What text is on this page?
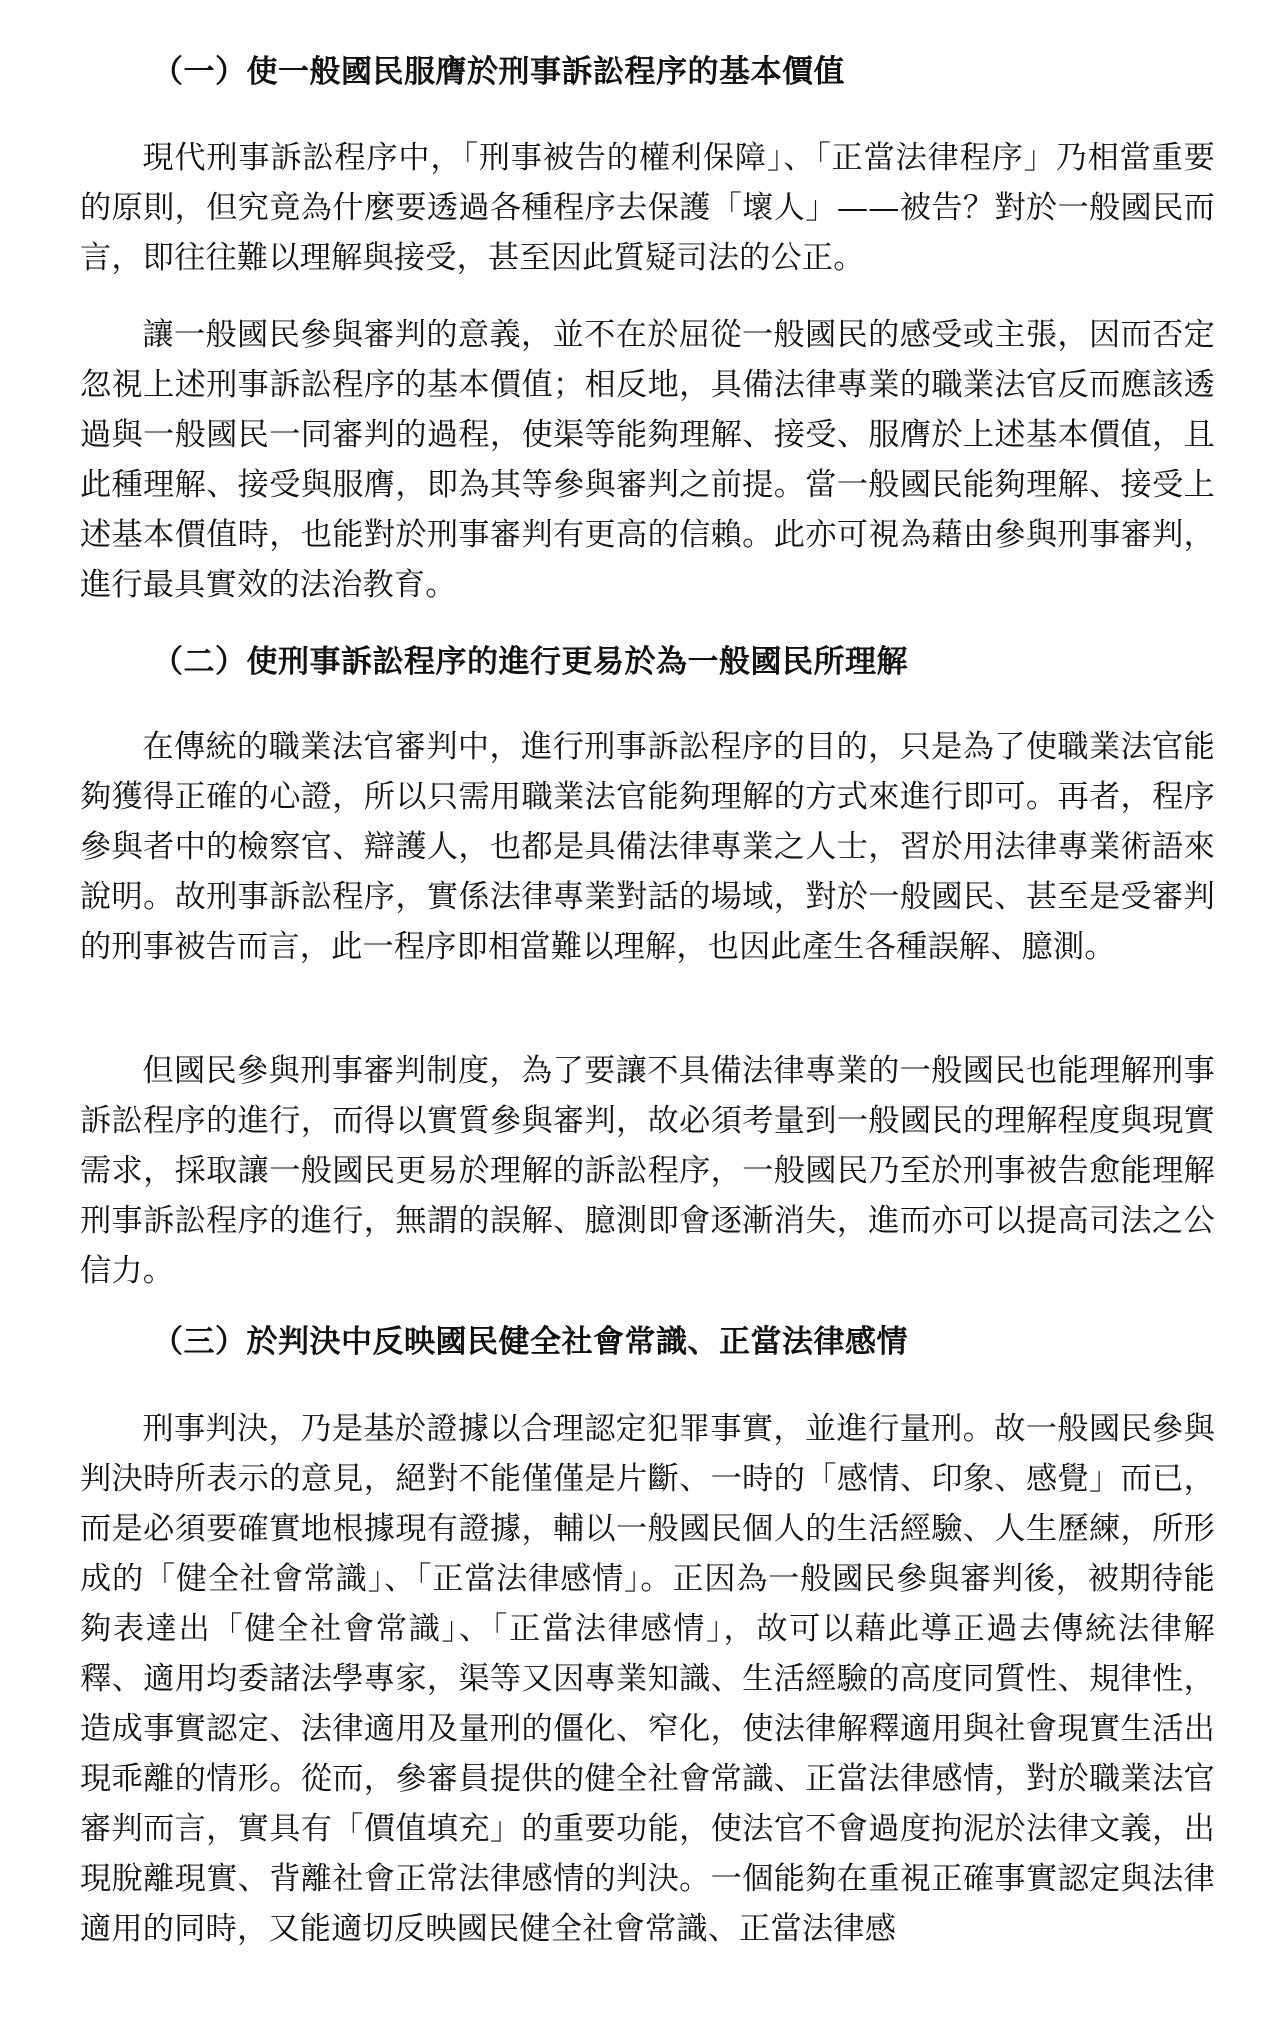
（一）使一般國民服膺於刑事訴訟程序的基本價值

現代刑事訴訟程序中，「刑事被告的權利保障」、「正當法律程序」乃相當重要的原則，但究竟為什麼要透過各種程序去保護「壞人」——被告？對於一般國民而言，即往往難以理解與接受，甚至因此質疑司法的公正。

讓一般國民參與審判的意義，並不在於屈從一般國民的感受或主張，因而否定忽視上述刑事訴訟程序的基本價值；相反地，具備法律專業的職業法官反而應該透過與一般國民一同審判的過程，使渠等能夠理解、接受、服膺於上述基本價值，且此種理解、接受與服膺，即為其等參與審判之前提。當一般國民能夠理解、接受上述基本價值時，也能對於刑事審判有更高的信賴。此亦可視為藉由參與刑事審判，進行最具實效的法治教育。

（二）使刑事訴訟程序的進行更易於為一般國民所理解

在傳統的職業法官審判中，進行刑事訴訟程序的目的，只是為了使職業法官能夠獲得正確的心證，所以只需用職業法官能夠理解的方式來進行即可。再者，程序參與者中的檢察官、辯護人，也都是具備法律專業之人士，習於用法律專業術語來說明。故刑事訴訟程序，實係法律專業對話的場域，對於一般國民、甚至是受審判的刑事被告而言，此一程序即相當難以理解，也因此產生各種誤解、臆測。

但國民參與刑事審判制度，為了要讓不具備法律專業的一般國民也能理解刑事訴訟程序的進行，而得以實質參與審判，故必須考量到一般國民的理解程度與現實需求，採取讓一般國民更易於理解的訴訟程序，一般國民乃至於刑事被告愈能理解刑事訴訟程序的進行，無謂的誤解、臆測即會逐漸消失，進而亦可以提高司法之公信力。

（三）於判決中反映國民健全社會常識、正當法律感情

刑事判決，乃是基於證據以合理認定犯罪事實，並進行量刑。故一般國民參與判決時所表示的意見，絕對不能僅僅是片斷、一時的「感情、印象、感覺」而已，而是必須要確實地根據現有證據，輔以一般國民個人的生活經驗、人生歷練，所形成的「健全社會常識」、「正當法律感情」。正因為一般國民參與審判後，被期待能夠表達出「健全社會常識」、「正當法律感情」，故可以藉此導正過去傳統法律解釋、適用均委諸法學專家，渠等又因專業知識、生活經驗的高度同質性、規律性，造成事實認定、法律適用及量刑的僵化、窄化，使法律解釋適用與社會現實生活出現乖離的情形。從而，參審員提供的健全社會常識、正當法律感情，對於職業法官審判而言，實具有「價值填充」的重要功能，使法官不會過度拘泥於法律文義，出現脫離現實、背離社會正常法律感情的判決。一個能夠在重視正確事實認定與法律適用的同時，又能適切反映國民健全社會常識、正當法律感
